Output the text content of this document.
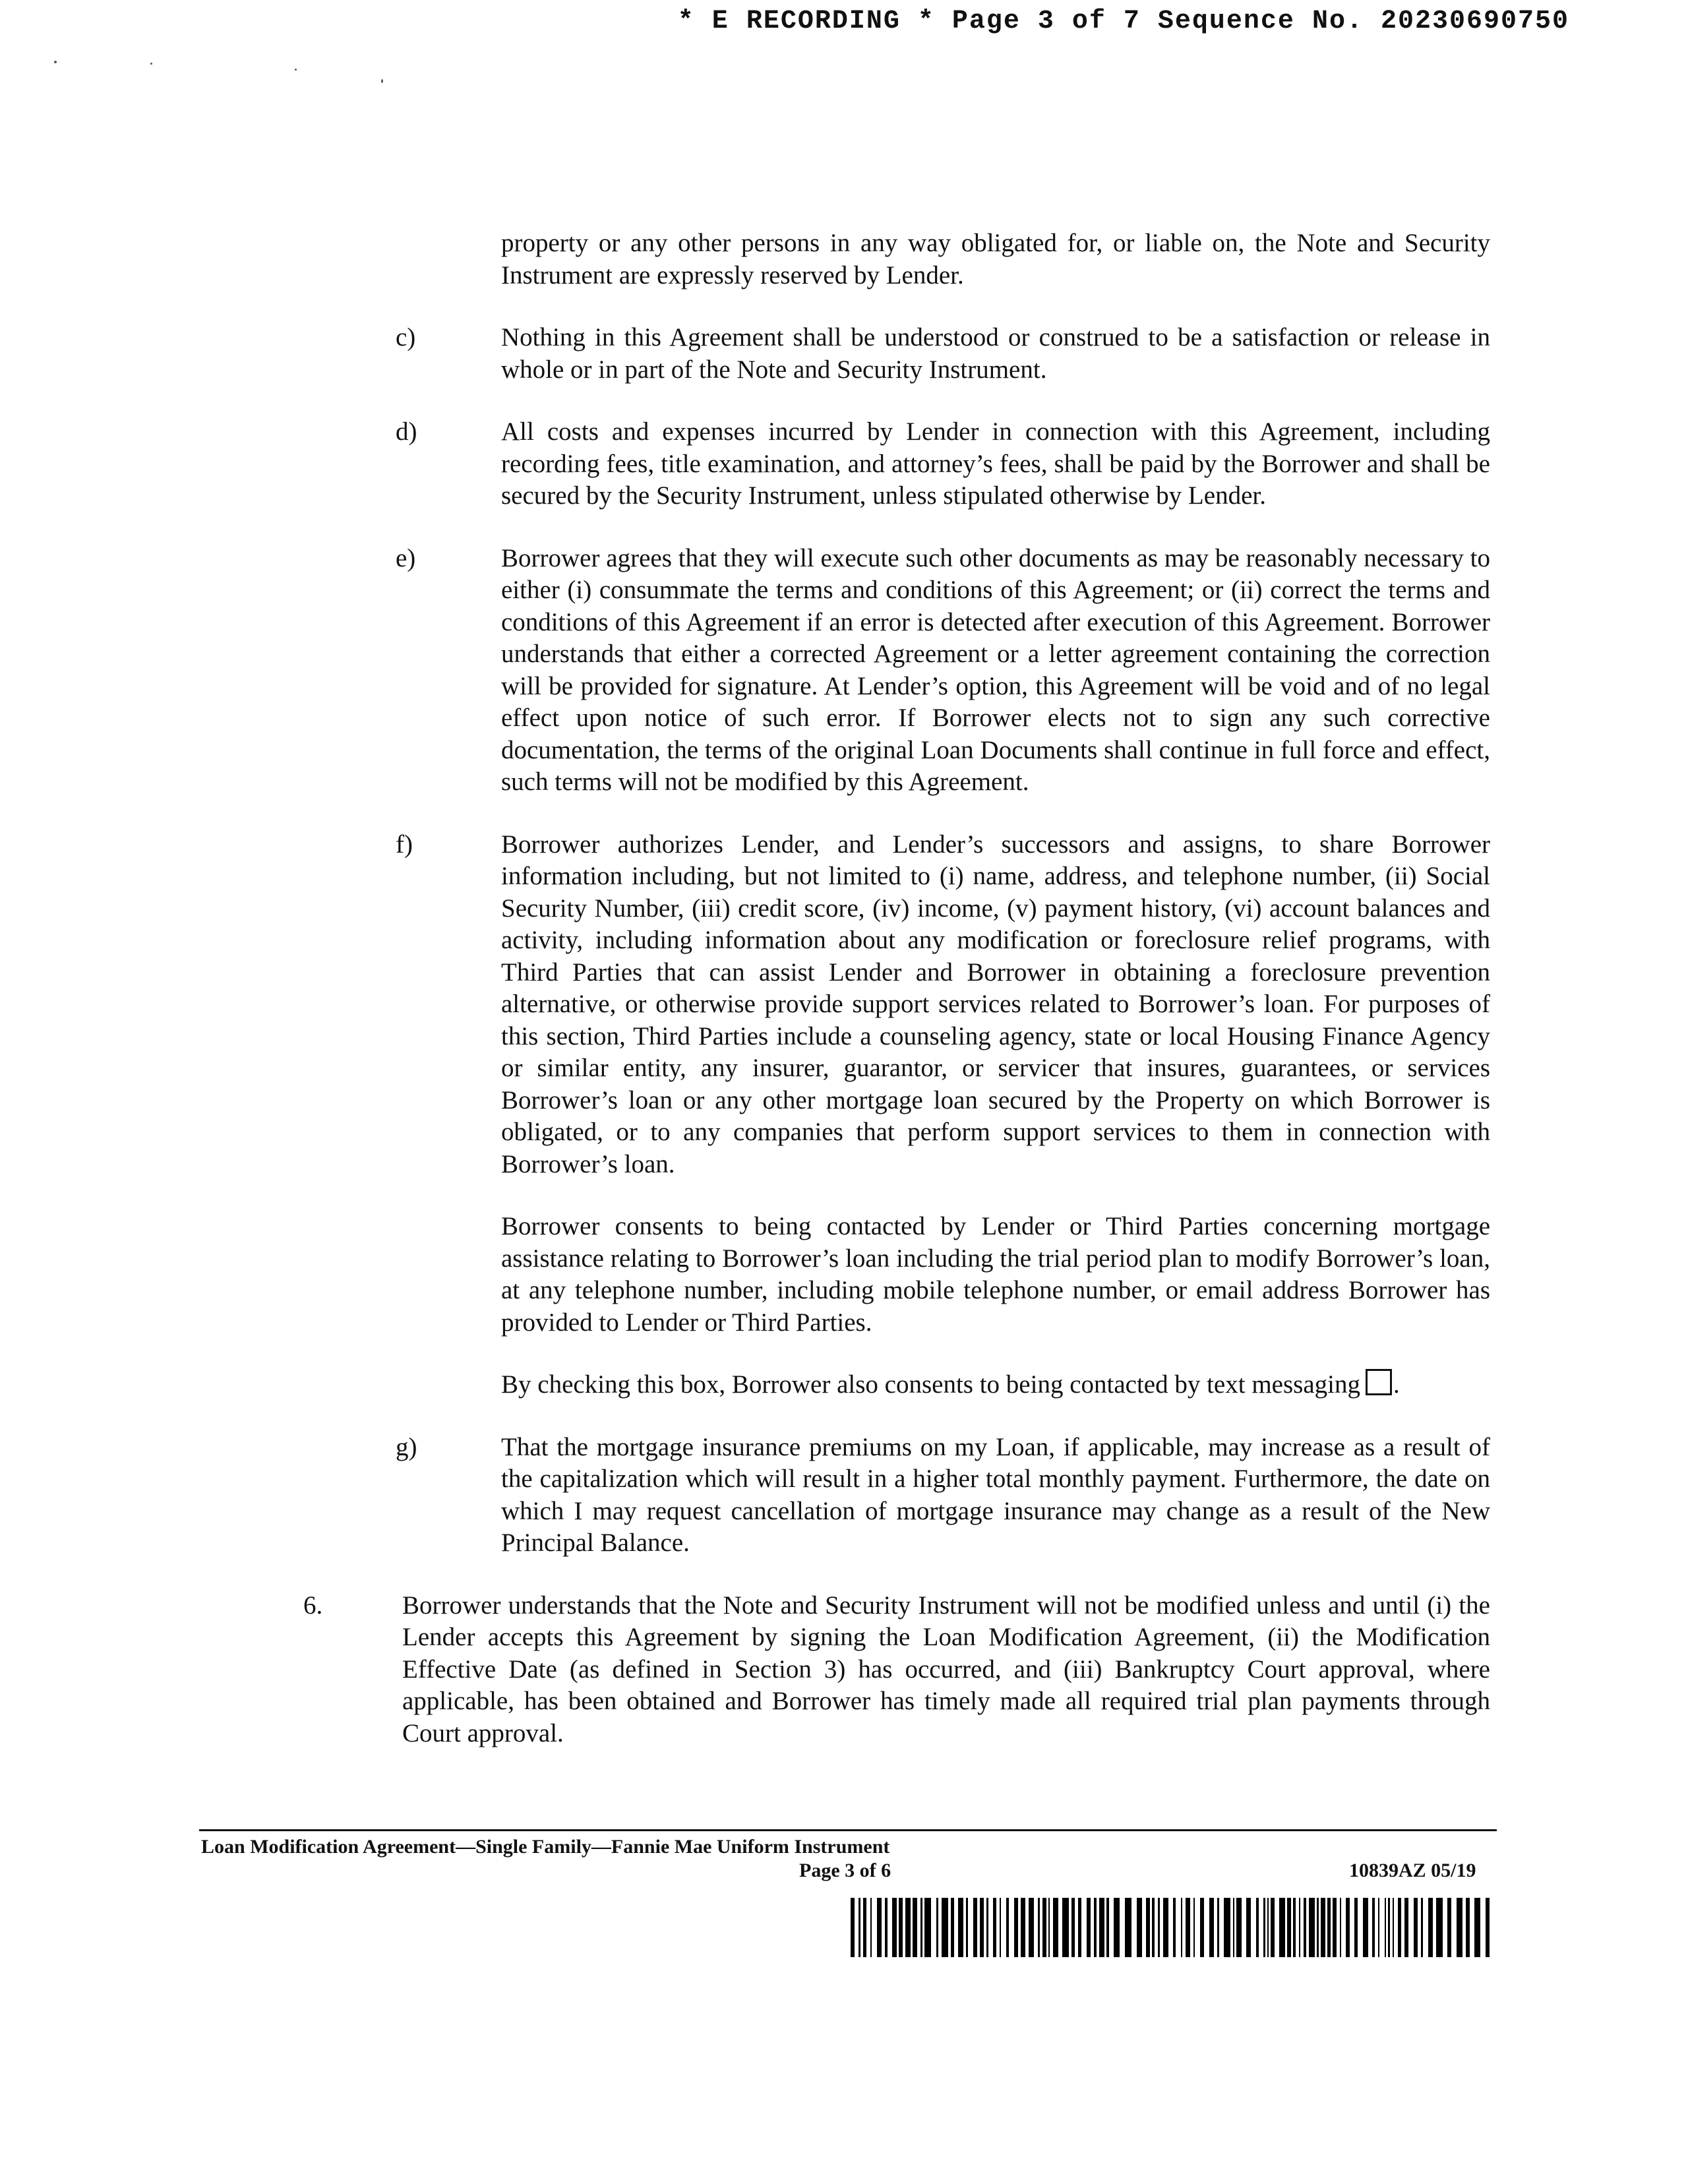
* E RECORDING * Page 3 of 7 Sequence No. 20230690750

property or any other persons in any way obligated for, or liable on, the Note and Security Instrument are expressly reserved by Lender.

c)	Nothing in this Agreement shall be understood or construed to be a satisfaction or release in whole or in part of the Note and Security Instrument.

d)	All costs and expenses incurred by Lender in connection with this Agreement, including recording fees, title examination, and attorney’s fees, shall be paid by the Borrower and shall be secured by the Security Instrument, unless stipulated otherwise by Lender.

e)	Borrower agrees that they will execute such other documents as may be reasonably necessary to either (i) consummate the terms and conditions of this Agreement; or (ii) correct the terms and conditions of this Agreement if an error is detected after execution of this Agreement. Borrower understands that either a corrected Agreement or a letter agreement containing the correction will be provided for signature. At Lender’s option, this Agreement will be void and of no legal effect upon notice of such error. If Borrower elects not to sign any such corrective documentation, the terms of the original Loan Documents shall continue in full force and effect, such terms will not be modified by this Agreement.

f)	Borrower authorizes Lender, and Lender’s successors and assigns, to share Borrower information including, but not limited to (i) name, address, and telephone number, (ii) Social Security Number, (iii) credit score, (iv) income, (v) payment history, (vi) account balances and activity, including information about any modification or foreclosure relief programs, with Third Parties that can assist Lender and Borrower in obtaining a foreclosure prevention alternative, or otherwise provide support services related to Borrower’s loan. For purposes of this section, Third Parties include a counseling agency, state or local Housing Finance Agency or similar entity, any insurer, guarantor, or servicer that insures, guarantees, or services Borrower’s loan or any other mortgage loan secured by the Property on which Borrower is obligated, or to any companies that perform support services to them in connection with Borrower’s loan.

Borrower consents to being contacted by Lender or Third Parties concerning mortgage assistance relating to Borrower’s loan including the trial period plan to modify Borrower’s loan, at any telephone number, including mobile telephone number, or email address Borrower has provided to Lender or Third Parties.

By checking this box, Borrower also consents to being contacted by text messaging .

g)	That the mortgage insurance premiums on my Loan, if applicable, may increase as a result of the capitalization which will result in a higher total monthly payment. Furthermore, the date on which I may request cancellation of mortgage insurance may change as a result of the New Principal Balance.

6.	Borrower understands that the Note and Security Instrument will not be modified unless and until (i) the Lender accepts this Agreement by signing the Loan Modification Agreement, (ii) the Modification Effective Date (as defined in Section 3) has occurred, and (iii) Bankruptcy Court approval, where applicable, has been obtained and Borrower has timely made all required trial plan payments through Court approval.

Loan Modification Agreement—Single Family—Fannie Mae Uniform Instrument
Page 3 of 6	10839AZ 05/19
